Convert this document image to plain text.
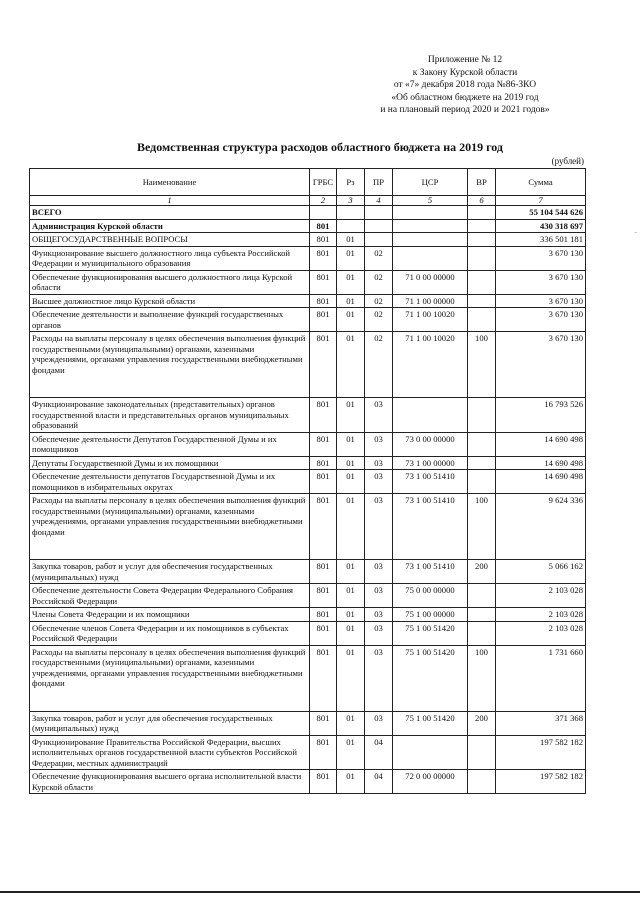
Приложение № 12
к Закону Курской области
от «7» декабря 2018 года №86-ЗКО
«Об областном бюджете на 2019 год
и на плановый период 2020 и 2021 годов»
Ведомственная структура расходов областного бюджета на 2019 год
(рублей)
'
Наименование	ГРБС	Рз	ПР	ЦСР	ВР	Сумма
1	2	3	4	5	6	7
ВСЕГО						55 104 544 626
Администрация Курской области	801					430 318 697
ОБЩЕГОСУДАРСТВЕННЫЕ ВОПРОСЫ	801	01				336 501 181
Функционирование высшего должностного лица субъекта Российской Федерации и муниципального образования	801	01	02			3 670 130
Обеспечение функционирования высшего должностного лица Курской области	801	01	02	71 0 00 00000		3 670 130
Высшее должностное лицо Курской области	801	01	02	71 1 00 00000		3 670 130
Обеспечение деятельности и выполнение функций государственных органов	801	01	02	71 1 00 10020		3 670 130
Расходы на выплаты персоналу в целях обеспечения выполнения функций государственными (муниципальными) органами, казенными учреждениями, органами управления государственными внебюджетными фондами	801	01	02	71 1 00 10020	100	3 670 130
Функционирование законодательных (представительных) органов государственной власти и представительных органов муниципальных образований	801	01	03			16 793 526
Обеспечение деятельности Депутатов Государственной Думы и их помощников	801	01	03	73 0 00 00000		14 690 498
Депутаты Государственной Думы и их помощники	801	01	03	73 1 00 00000		14 690 498
Обеспечение деятельности депутатов Государственной Думы и их помощников в избирательных округах	801	01	03	73 1 00 51410		14 690 498
Расходы на выплаты персоналу в целях обеспечения выполнения функций государственными (муниципальными) органами, казенными учреждениями, органами управления государственными внебюджетными фондами	801	01	03	73 1 00 51410	100	9 624 336
Закупка товаров, работ и услуг для обеспечения государственных (муниципальных) нужд	801	01	03	73 1 00 51410	200	5 066 162
Обеспечение деятельности Совета Федерации Федерального Собрания Российской Федерации	801	01	03	75 0 00 00000		2 103 028
Члены Совета Федерации и их помощники	801	01	03	75 1 00 00000		2 103 028
Обеспечение членов Совета Федерации и их помощников в субъектах Российской Федерации	801	01	03	75 1 00 51420		2 103 028
Расходы на выплаты персоналу в целях обеспечения выполнения функций государственными (муниципальными) органами, казенными учреждениями, органами управления государственными внебюджетными фондами	801	01	03	75 1 00 51420	100	1 731 660
Закупка товаров, работ и услуг для обеспечения государственных (муниципальных) нужд	801	01	03	75 1 00 51420	200	371 368
Функционирование Правительства Российской Федерации, высших исполнительных органов государственной власти субъектов Российской Федерации, местных администраций	801	01	04			197 582 182
Обеспечение функционирования высшего органа исполнительной власти Курской области	801	01	04	72 0 00 00000		197 582 182
